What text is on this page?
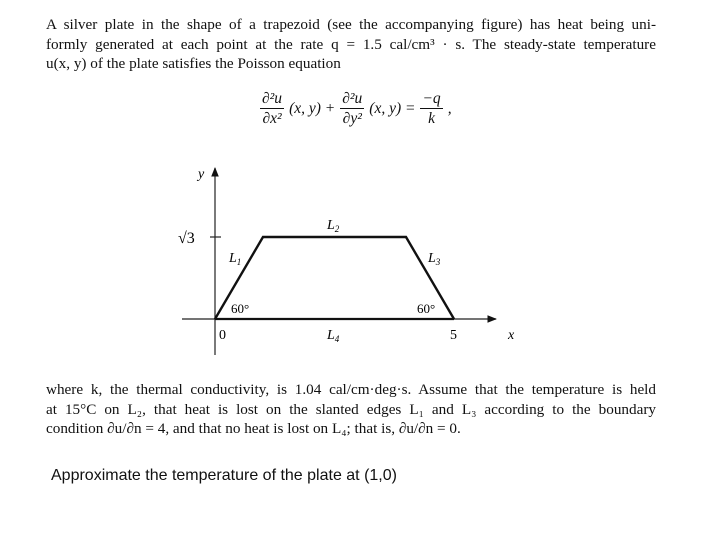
A silver plate in the shape of a trapezoid (see the accompanying figure) has heat being uni-
formly generated at each point at the rate q = 1.5 cal/cm³ · s. The steady-state temperature
u(x, y) of the plate satisfies the Poisson equation
$\frac{\text{∂²u}}{\text{∂x²}} (x$, $y) + \frac{\text{∂²u}}{\text{∂y²}} (x$, $y) = \frac{-q}{k}$ ,
y
x
√3
0	5
$L_1$
$L_2$
$L_3$
$L_4$
60°	60°
where k, the thermal conductivity, is 1.04 cal/cm·deg·s. Assume that the temperature is held
at 15°C on L₂, that heat is lost on the slanted edges L₁ and L₃ according to the boundary
condition ∂u/∂n = 4, and that no heat is lost on L₄; that is, ∂u/∂n = 0.
Approximate the temperature of the plate at (1,0)
